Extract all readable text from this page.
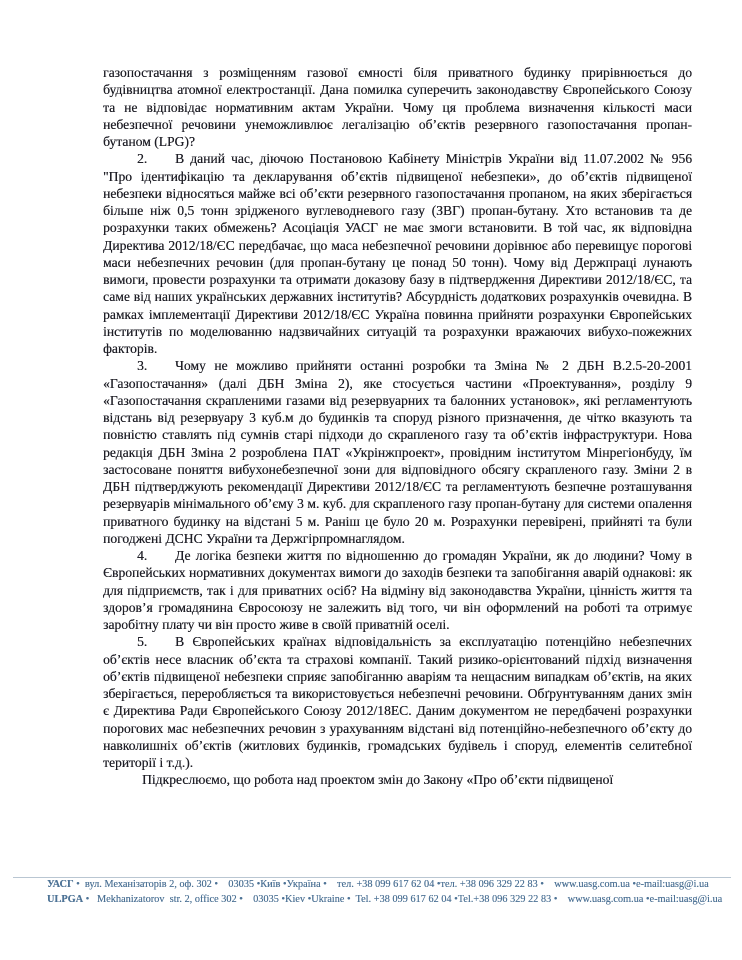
газопостачання з розміщенням газової ємності біля приватного будинку прирівнюється до будівництва атомної електростанції. Дана помилка суперечить законодавству Європейського Союзу та не відповідає нормативним актам України. Чому ця проблема визначення кількості маси небезпечної речовини унеможливлює легалізацію об’єктів резервного газопостачання пропан-бутаном (LPG)?

2. В даний час, діючою Постановою Кабінету Міністрів України від 11.07.2002 № 956 "Про ідентифікацію та декларування об’єктів підвищеної небезпеки», до об’єктів підвищеної небезпеки відносяться майже всі об’єкти резервного газопостачання пропаном, на яких зберігається більше ніж 0,5 тонн зрідженого вуглеводневого газу (ЗВГ) пропан-бутану. Хто встановив та де розрахунки таких обмежень? Асоціація УАСГ не має змоги встановити. В той час, як відповідна Директива 2012/18/ЄС передбачає, що маса небезпечної речовини дорівнює або перевищує порогові маси небезпечних речовин (для пропан-бутану це понад 50 тонн). Чому від Держпраці лунають вимоги, провести розрахунки та отримати доказову базу в підтвердження Директиви 2012/18/ЄС, та саме від наших українських державних інститутів? Абсурдність додаткових розрахунків очевидна. В рамках імплементації Директиви 2012/18/ЄС Україна повинна прийняти розрахунки Європейських інститутів по моделюванню надзвичайних ситуацій та розрахунки вражаючих вибухо-пожежних факторів.

3. Чому не можливо прийняти останні розробки та Зміна № 2 ДБН В.2.5-20-2001 «Газопостачання» (далі ДБН Зміна 2), яке стосується частини «Проектування», розділу 9 «Газопостачання скрапленими газами від резервуарних та балонних установок», які регламентують відстань від резервуару 3 куб.м до будинків та споруд різного призначення, де чітко вказують та повністю ставлять під сумнів старі підходи до скрапленого газу та об’єктів інфраструктури. Нова редакція ДБН Зміна 2 розроблена ПАТ «Укрінжпроект», провідним інститутом Мінрегіонбуду, їм застосоване поняття вибухонебезпечної зони для відповідного обсягу скрапленого газу. Зміни 2 в ДБН підтверджують рекомендації Директиви 2012/18/ЄС та регламентують безпечне розташування резервуарів мінімального об’єму 3 м. куб. для скрапленого газу пропан-бутану для системи опалення приватного будинку на відстані 5 м. Раніш це було 20 м. Розрахунки перевірені, прийняті та були погоджені ДСНС України та Держгірпромнаглядом.

4. Де логіка безпеки життя по відношенню до громадян України, як до людини? Чому в Європейських нормативних документах вимоги до заходів безпеки та запобігання аварій однакові: як для підприємств, так і для приватних осіб? На відміну від законодавства України, цінність життя та здоров’я громадянина Євросоюзу не залежить від того, чи він оформлений на роботі та отримує заробітну плату чи він просто живе в своїй приватній оселі.

5. В Європейських країнах відповідальність за експлуатацію потенційно небезпечних об’єктів несе власник об’єкта та страхові компанії. Такий ризико-орієнтований підхід визначення об’єктів підвищеної небезпеки сприяє запобіганню аваріям та нещасним випадкам об’єктів, на яких зберігається, переробляється та використовується небезпечні речовини. Обґрунтуванням даних змін є Директива Ради Європейського Союзу 2012/18ЕС. Даним документом не передбачені розрахунки порогових мас небезпечних речовин з урахуванням відстані від потенційно-небезпечного об’єкту до навколишніх об’єктів (житлових будинків, громадських будівель і споруд, елементів селитебної території і т.д.).

Підкреслюємо, що робота над проектом змін до Закону «Про об’єкти підвищеної

УАСГ •  вул. Механізаторів 2, оф. 302 •    03035 •Київ •Україна •    тел. +38 099 617 62 04 •тел. +38 096 329 22 83 •    www.uasg.com.ua •e-mail:uasg@i.ua
ULPGA •   Mekhanizatorov  str. 2, office 302 •    03035 •Kiev •Ukraine •  Tel. +38 099 617 62 04 •Tel.+38 096 329 22 83 •    www.uasg.com.ua •e-mail:uasg@i.ua
